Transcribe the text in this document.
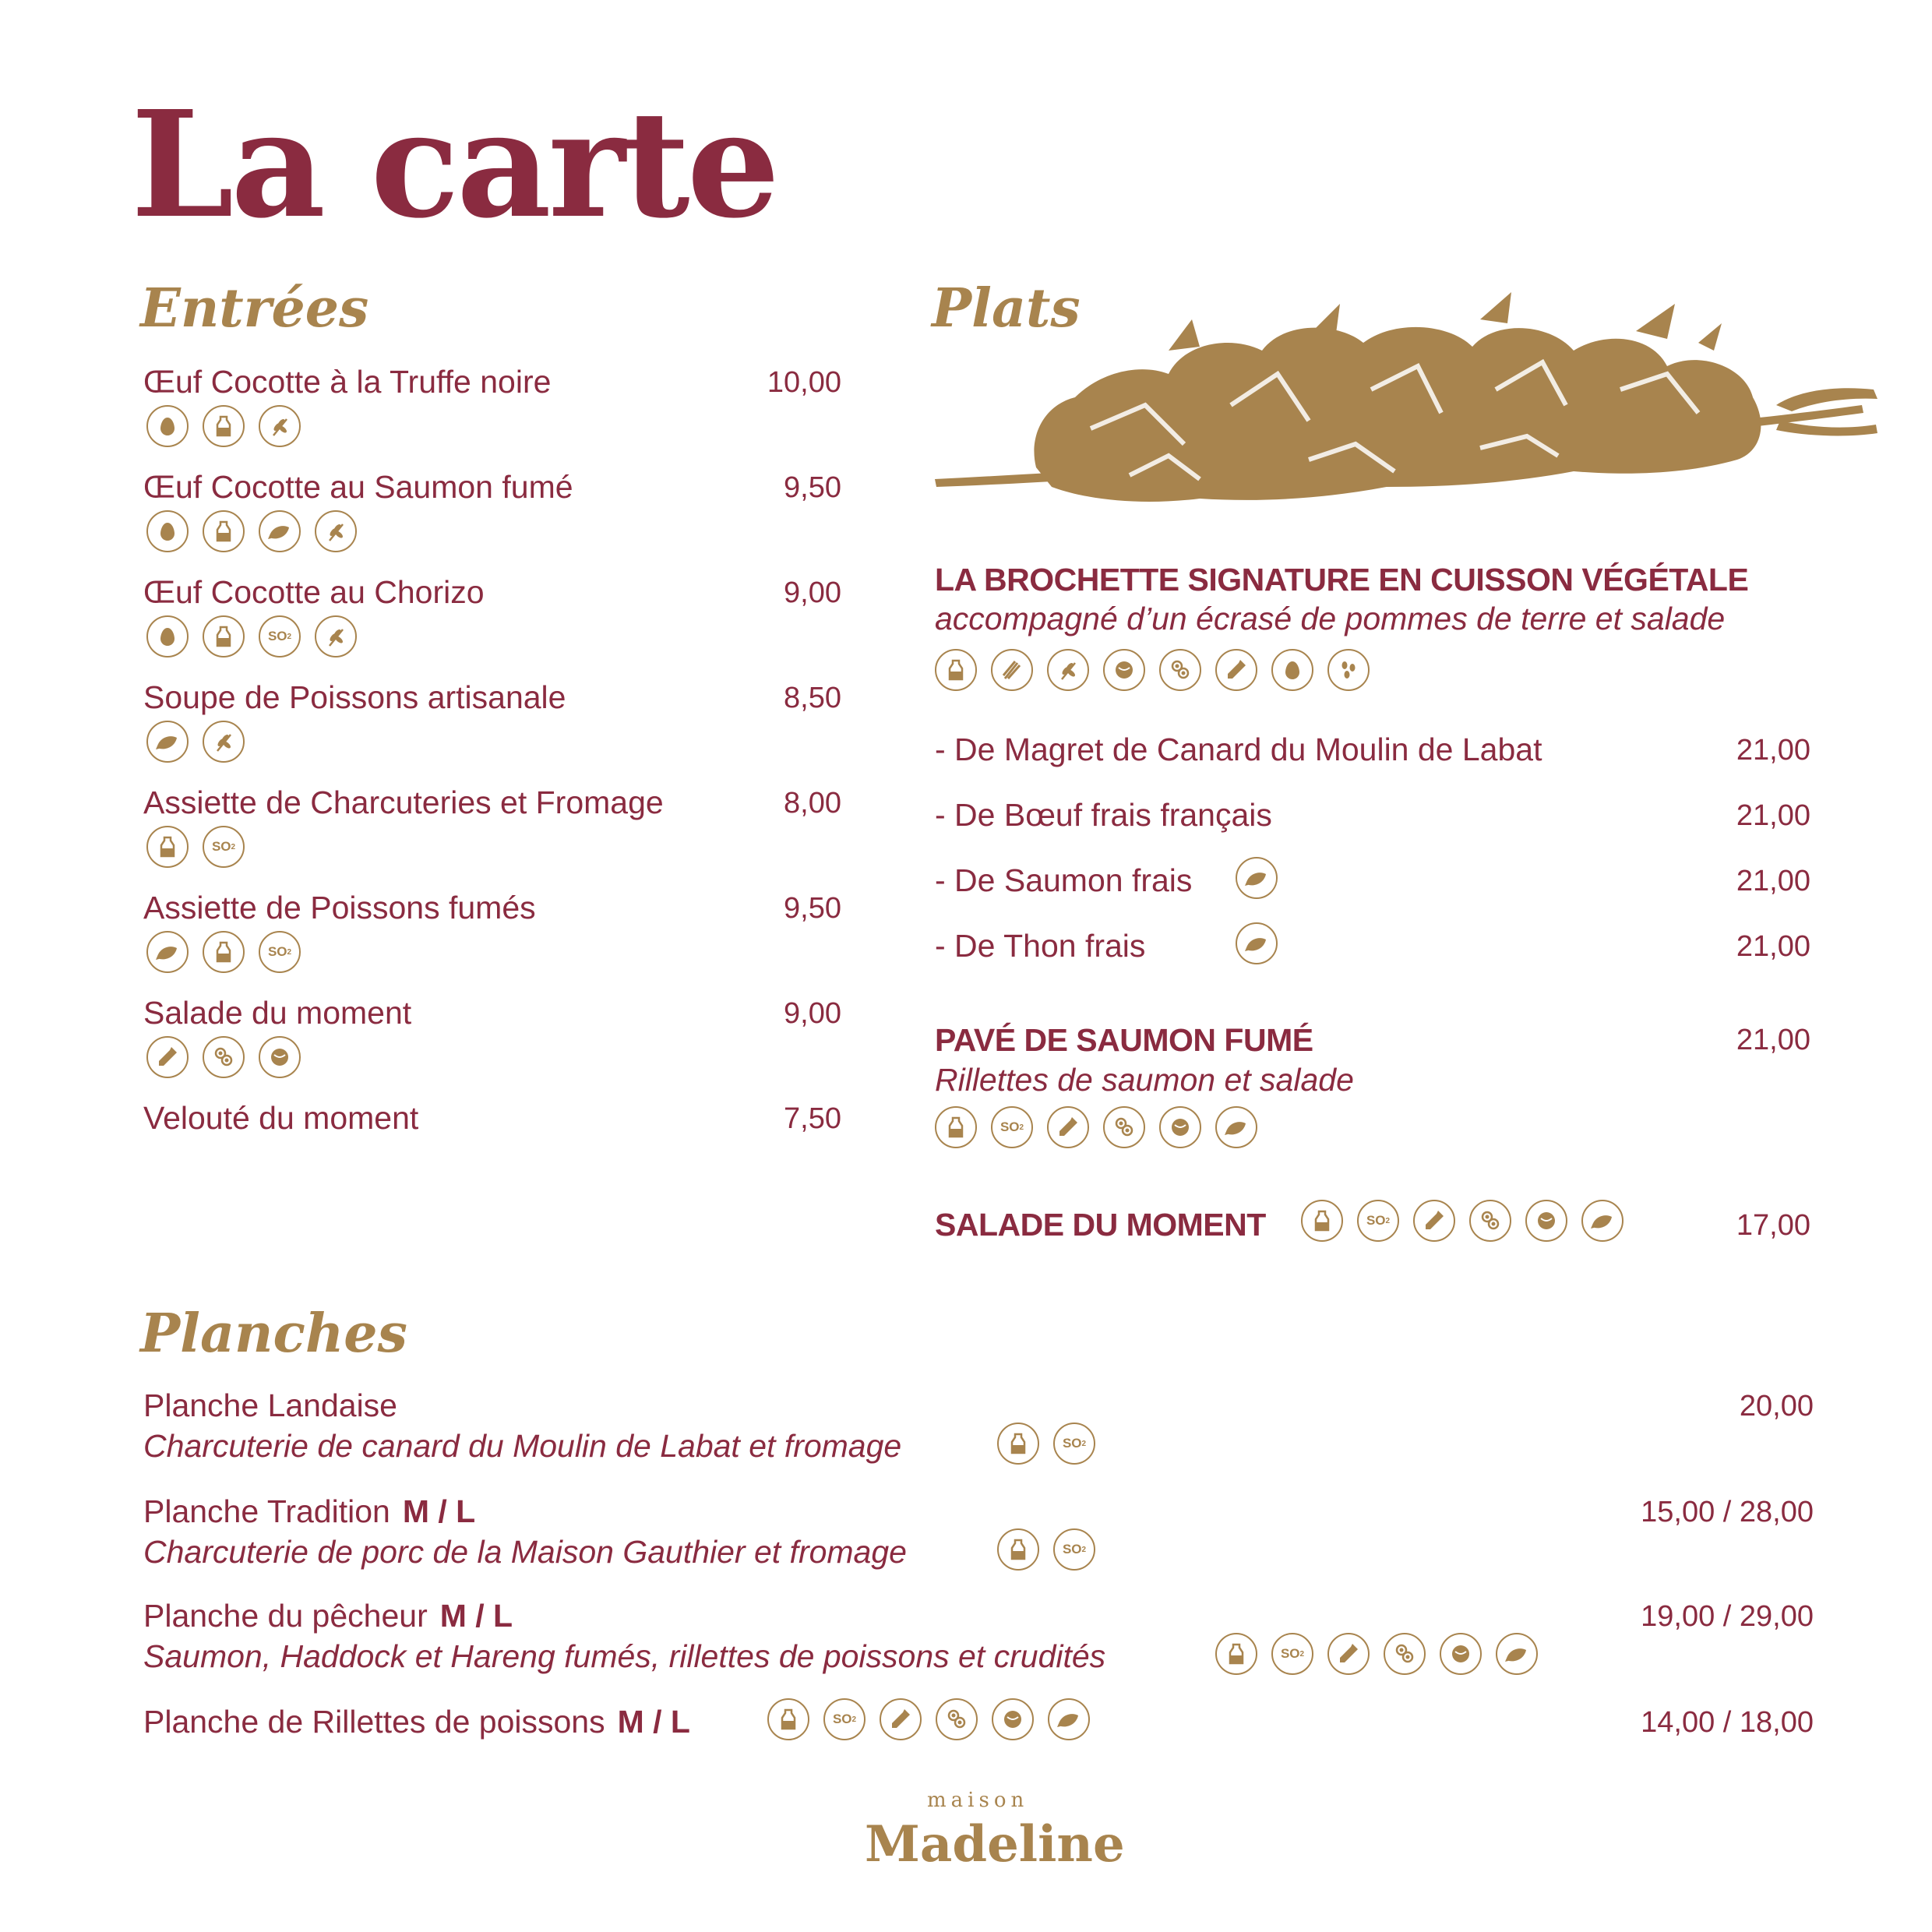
La carte
Entrées
Œuf Cocotte à la Truffe noire	10,00
Œuf Cocotte au Saumon fumé	9,50
Œuf Cocotte au Chorizo	9,00
SO 2
Soupe de Poissons artisanale	8,50
Assiette de Charcuteries et Fromage	8,00
SO 2
Assiette de Poissons fumés	9,50
SO 2
Salade du moment	9,00
Velouté du moment	7,50
Plats
LA BROCHETTE SIGNATURE EN CUISSON VÉGÉTALE
accompagné d’un écrasé de pommes de terre et salade
- De Magret de Canard du Moulin de Labat	21,00
- De Bœuf frais français	21,00
- De Saumon frais	21,00
- De Thon frais	21,00
PAVÉ DE SAUMON FUMÉ	21,00
Rillettes de saumon et salade
SO 2
SALADE DU MOMENT	SO 2	17,00
Planches
Planche Landaise	20,00
Charcuterie de canard du Moulin de Labat et fromage	SO 2
Planche Tradition M / L	15,00 / 28,00
Charcuterie de porc de la Maison Gauthier et fromage	SO 2
Planche du pêcheur M / L	19,00 / 29,00
Saumon, Haddock et Hareng fumés, rillettes de poissons et crudités	SO 2
Planche de Rillettes de poissons M / L	14,00 / 18,00
SO 2
maison
Madeline
